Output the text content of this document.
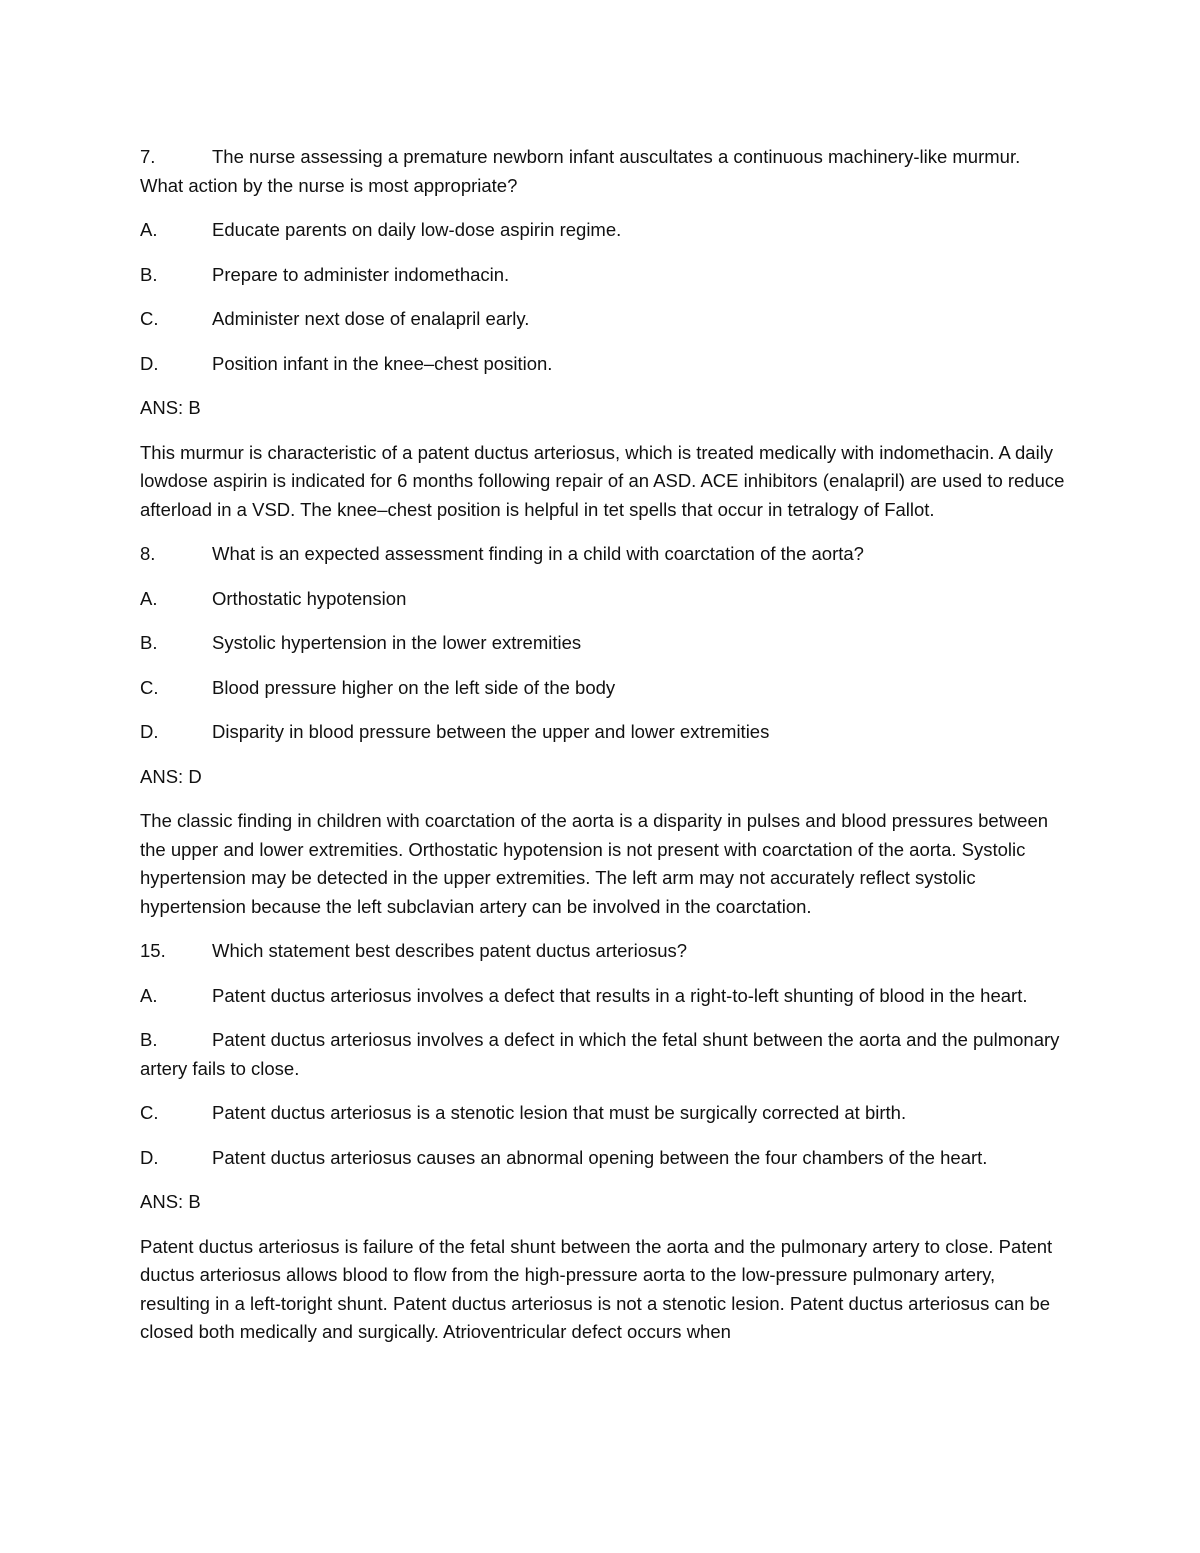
7.	The nurse assessing a premature newborn infant auscultates a continuous machinery-like murmur. What action by the nurse is most appropriate?

A.	Educate parents on daily low-dose aspirin regime.

B.	Prepare to administer indomethacin.

C.	Administer next dose of enalapril early.

D.	Position infant in the knee–chest position.

ANS: B

This murmur is characteristic of a patent ductus arteriosus, which is treated medically with indomethacin. A daily lowdose aspirin is indicated for 6 months following repair of an ASD. ACE inhibitors (enalapril) are used to reduce afterload in a VSD. The knee–chest position is helpful in tet spells that occur in tetralogy of Fallot.

8.	What is an expected assessment finding in a child with coarctation of the aorta?

A.	Orthostatic hypotension

B.	Systolic hypertension in the lower extremities

C.	Blood pressure higher on the left side of the body

D.	Disparity in blood pressure between the upper and lower extremities

ANS: D

The classic finding in children with coarctation of the aorta is a disparity in pulses and blood pressures between the upper and lower extremities. Orthostatic hypotension is not present with coarctation of the aorta. Systolic hypertension may be detected in the upper extremities. The left arm may not accurately reflect systolic hypertension because the left subclavian artery can be involved in the coarctation.

15.	Which statement best describes patent ductus arteriosus?

A.	Patent ductus arteriosus involves a defect that results in a right-to-left shunting of blood in the heart.

B.	Patent ductus arteriosus involves a defect in which the fetal shunt between the aorta and the pulmonary artery fails to close.

C.	Patent ductus arteriosus is a stenotic lesion that must be surgically corrected at birth.

D.	Patent ductus arteriosus causes an abnormal opening between the four chambers of the heart.

ANS: B

Patent ductus arteriosus is failure of the fetal shunt between the aorta and the pulmonary artery to close. Patent ductus arteriosus allows blood to flow from the high-pressure aorta to the low-pressure pulmonary artery, resulting in a left-toright shunt. Patent ductus arteriosus is not a stenotic lesion. Patent ductus arteriosus can be closed both medically and surgically. Atrioventricular defect occurs when
